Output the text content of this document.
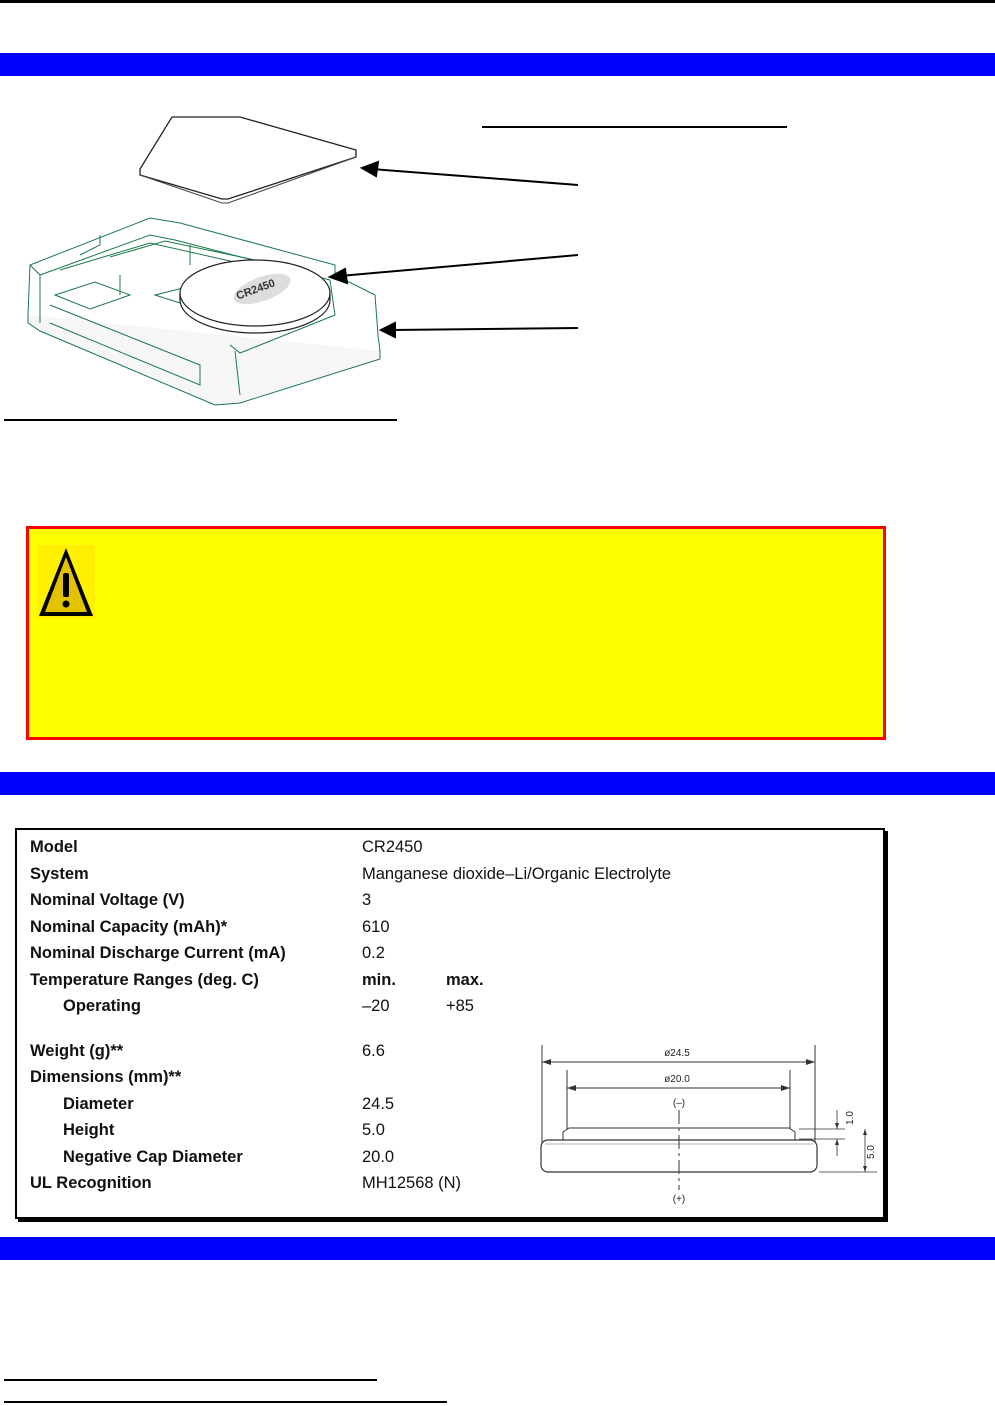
CR2450
Model	CR2450
System	Manganese dioxide–Li/Organic Electrolyte
Nominal Voltage (V)	3
Nominal Capacity (mAh)*	610
Nominal Discharge Current (mA)	0.2
Temperature Ranges (deg. C)	min.	max.
Operating	–20	+85
Weight (g)**	6.6
Dimensions (mm)**
Diameter	24.5
Height	5.0
Negative Cap Diameter	20.0
UL Recognition	MH12568 (N)
ø24.5
ø20.0
(–)
(+)
1.0
5.0
